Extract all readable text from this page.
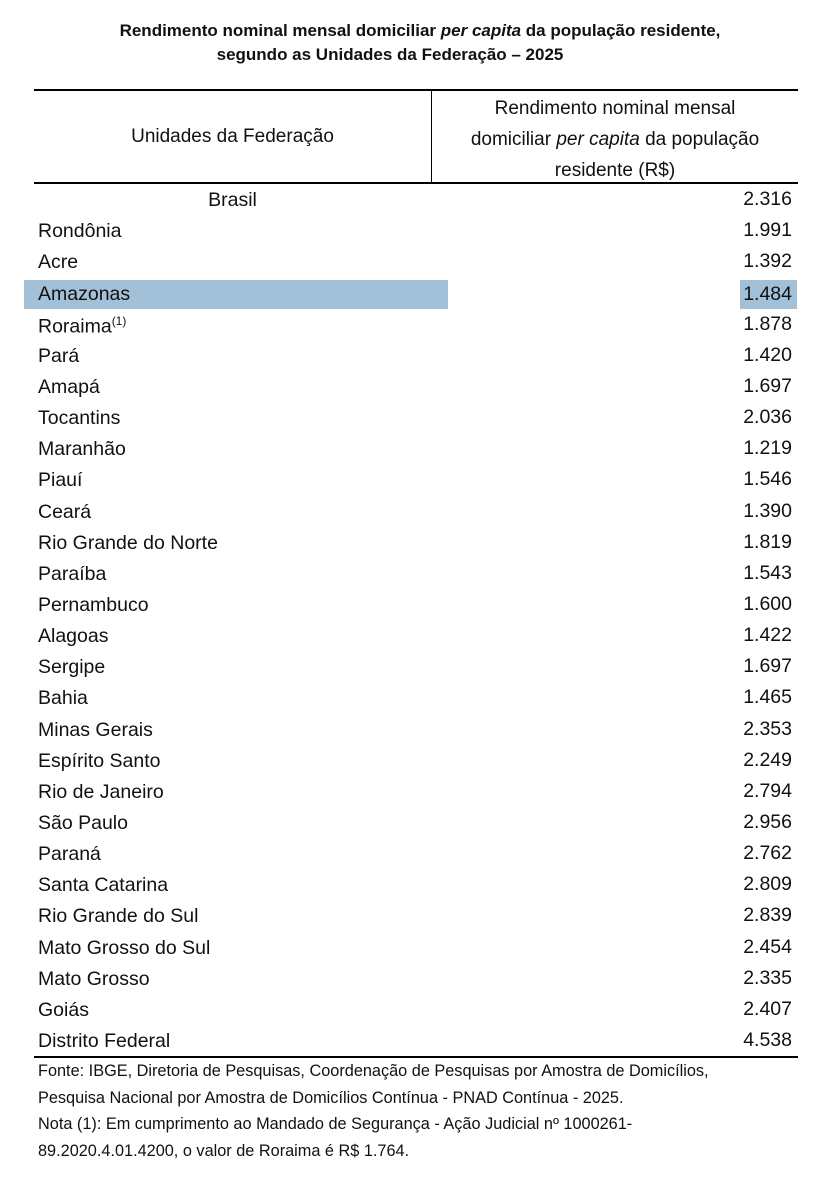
Rendimento nominal mensal domiciliar per capita da população residente,
segundo as Unidades da Federação – 2025
Unidades da Federação
Rendimento nominal mensal
domiciliar per capita da população
residente (R$)
Brasil	2.316
Rondônia	1.991
Acre	1.392
Amazonas	1.484
Roraima$^{(1)}$	1.878
Pará	1.420
Amapá	1.697
Tocantins	2.036
Maranhão	1.219
Piauí	1.546
Ceará	1.390
Rio Grande do Norte	1.819
Paraíba	1.543
Pernambuco	1.600
Alagoas	1.422
Sergipe	1.697
Bahia	1.465
Minas Gerais	2.353
Espírito Santo	2.249
Rio de Janeiro	2.794
São Paulo	2.956
Paraná	2.762
Santa Catarina	2.809
Rio Grande do Sul	2.839
Mato Grosso do Sul	2.454
Mato Grosso	2.335
Goiás	2.407
Distrito Federal	4.538
Fonte: IBGE, Diretoria de Pesquisas, Coordenação de Pesquisas por Amostra de Domicílios,
Pesquisa Nacional por Amostra de Domicílios Contínua - PNAD Contínua - 2025.
Nota (1): Em cumprimento ao Mandado de Segurança - Ação Judicial nº 1000261-
89.2020.4.01.4200, o valor de Roraima é R$ 1.764.
